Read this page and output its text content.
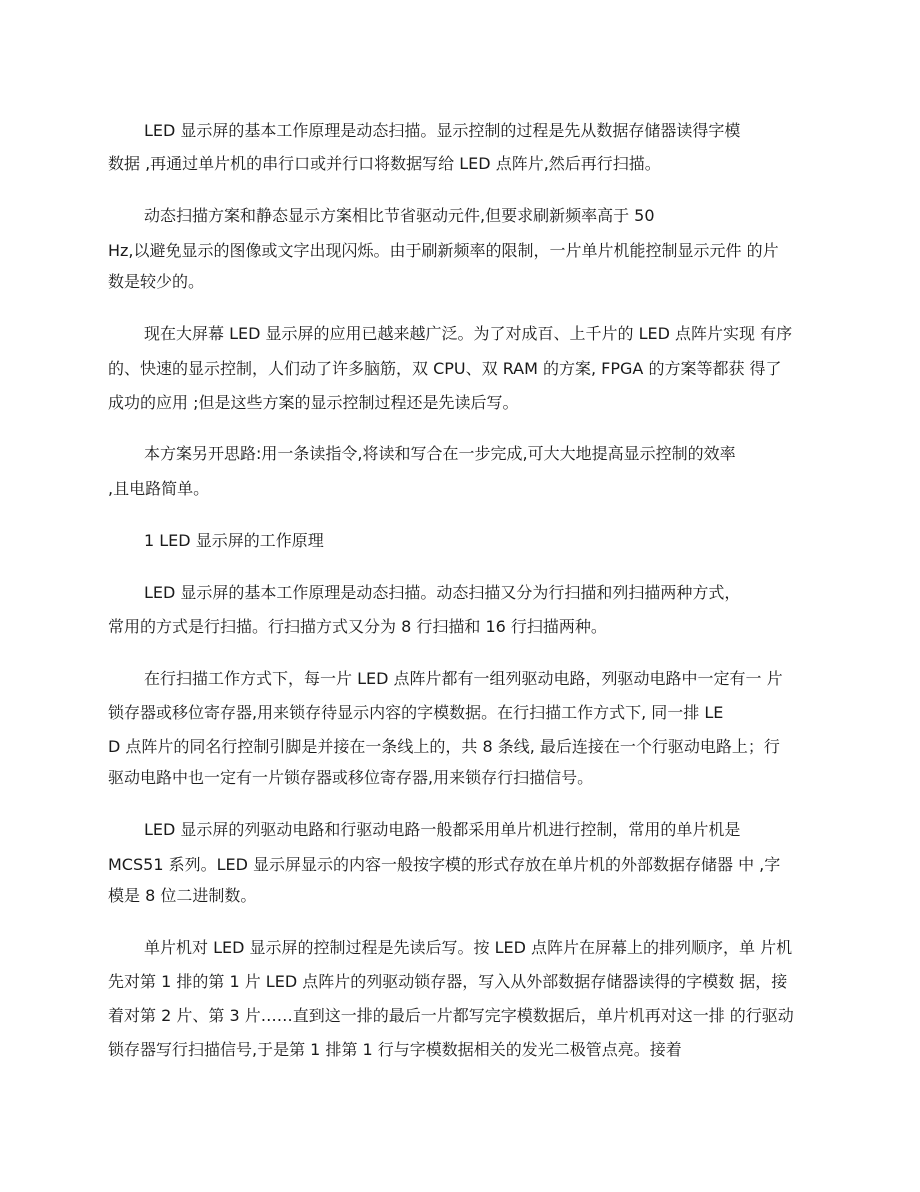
LED 显示屏的基本工作原理是动态扫描。显示控制的过程是先从数据存储器读得字模
数据 ,再通过单片机的串行口或并行口将数据写给 LED 点阵片,然后再行扫描。
动态扫描方案和静态显示方案相比节省驱动元件,但要求刷新频率高于 50
Hz,以避免显示的图像或文字出现闪烁。由于刷新频率的限制，一片单片机能控制显示元件 的片
数是较少的。
现在大屏幕 LED 显示屏的应用已越来越广泛。为了对成百、上千片的 LED 点阵片实现 有序
的、快速的显示控制，人们动了许多脑筋，双 CPU、双 RAM 的方案, FPGA 的方案等都获 得了
成功的应用 ;但是这些方案的显示控制过程还是先读后写。
本方案另开思路:用一条读指令,将读和写合在一步完成,可大大地提高显示控制的效率
,且电路简单。
1 LED 显示屏的工作原理
LED 显示屏的基本工作原理是动态扫描。动态扫描又分为行扫描和列扫描两种方式，
常用的方式是行扫描。行扫描方式又分为 8 行扫描和 16 行扫描两种。
在行扫描工作方式下，每一片 LED 点阵片都有一组列驱动电路，列驱动电路中一定有一 片
锁存器或移位寄存器,用来锁存待显示内容的字模数据。在行扫描工作方式下, 同一排 LE
D 点阵片的同名行控制引脚是并接在一条线上的，共 8 条线, 最后连接在一个行驱动电路上；行
驱动电路中也一定有一片锁存器或移位寄存器,用来锁存行扫描信号。
LED 显示屏的列驱动电路和行驱动电路一般都采用单片机进行控制，常用的单片机是
MCS51 系列。LED 显示屏显示的内容一般按字模的形式存放在单片机的外部数据存储器 中 ,字
模是 8 位二进制数。
单片机对 LED 显示屏的控制过程是先读后写。按 LED 点阵片在屏幕上的排列顺序，单 片机
先对第 1 排的第 1 片 LED 点阵片的列驱动锁存器，写入从外部数据存储器读得的字模数 据，接
着对第 2 片、第 3 片……直到这一排的最后一片都写完字模数据后，单片机再对这一排 的行驱动
锁存器写行扫描信号,于是第 1 排第 1 行与字模数据相关的发光二极管点亮。接着
